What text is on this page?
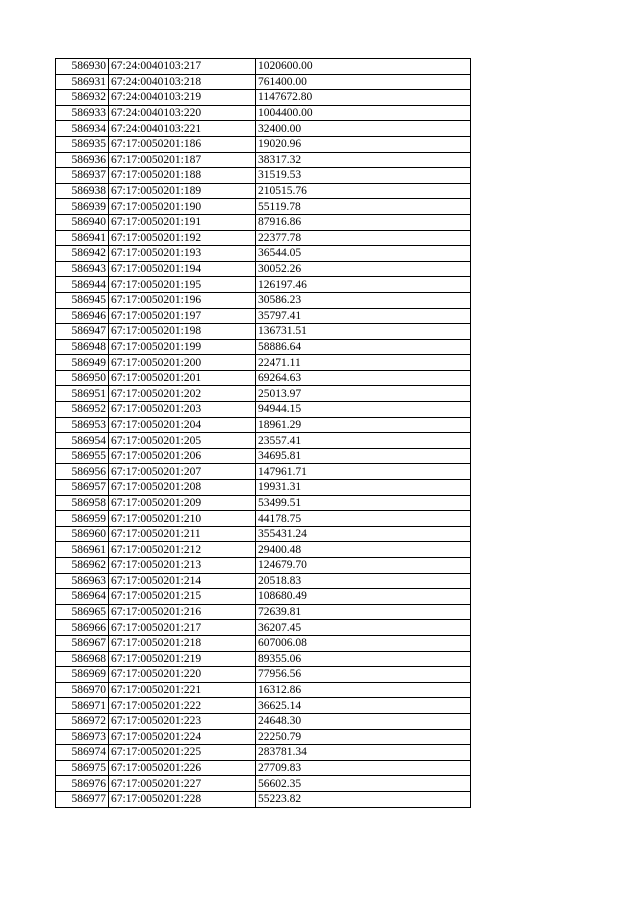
586930	67:24:0040103:217	1020600.00
586931	67:24:0040103:218	761400.00
586932	67:24:0040103:219	1147672.80
586933	67:24:0040103:220	1004400.00
586934	67:24:0040103:221	32400.00
586935	67:17:0050201:186	19020.96
586936	67:17:0050201:187	38317.32
586937	67:17:0050201:188	31519.53
586938	67:17:0050201:189	210515.76
586939	67:17:0050201:190	55119.78
586940	67:17:0050201:191	87916.86
586941	67:17:0050201:192	22377.78
586942	67:17:0050201:193	36544.05
586943	67:17:0050201:194	30052.26
586944	67:17:0050201:195	126197.46
586945	67:17:0050201:196	30586.23
586946	67:17:0050201:197	35797.41
586947	67:17:0050201:198	136731.51
586948	67:17:0050201:199	58886.64
586949	67:17:0050201:200	22471.11
586950	67:17:0050201:201	69264.63
586951	67:17:0050201:202	25013.97
586952	67:17:0050201:203	94944.15
586953	67:17:0050201:204	18961.29
586954	67:17:0050201:205	23557.41
586955	67:17:0050201:206	34695.81
586956	67:17:0050201:207	147961.71
586957	67:17:0050201:208	19931.31
586958	67:17:0050201:209	53499.51
586959	67:17:0050201:210	44178.75
586960	67:17:0050201:211	355431.24
586961	67:17:0050201:212	29400.48
586962	67:17:0050201:213	124679.70
586963	67:17:0050201:214	20518.83
586964	67:17:0050201:215	108680.49
586965	67:17:0050201:216	72639.81
586966	67:17:0050201:217	36207.45
586967	67:17:0050201:218	607006.08
586968	67:17:0050201:219	89355.06
586969	67:17:0050201:220	77956.56
586970	67:17:0050201:221	16312.86
586971	67:17:0050201:222	36625.14
586972	67:17:0050201:223	24648.30
586973	67:17:0050201:224	22250.79
586974	67:17:0050201:225	283781.34
586975	67:17:0050201:226	27709.83
586976	67:17:0050201:227	56602.35
586977	67:17:0050201:228	55223.82
